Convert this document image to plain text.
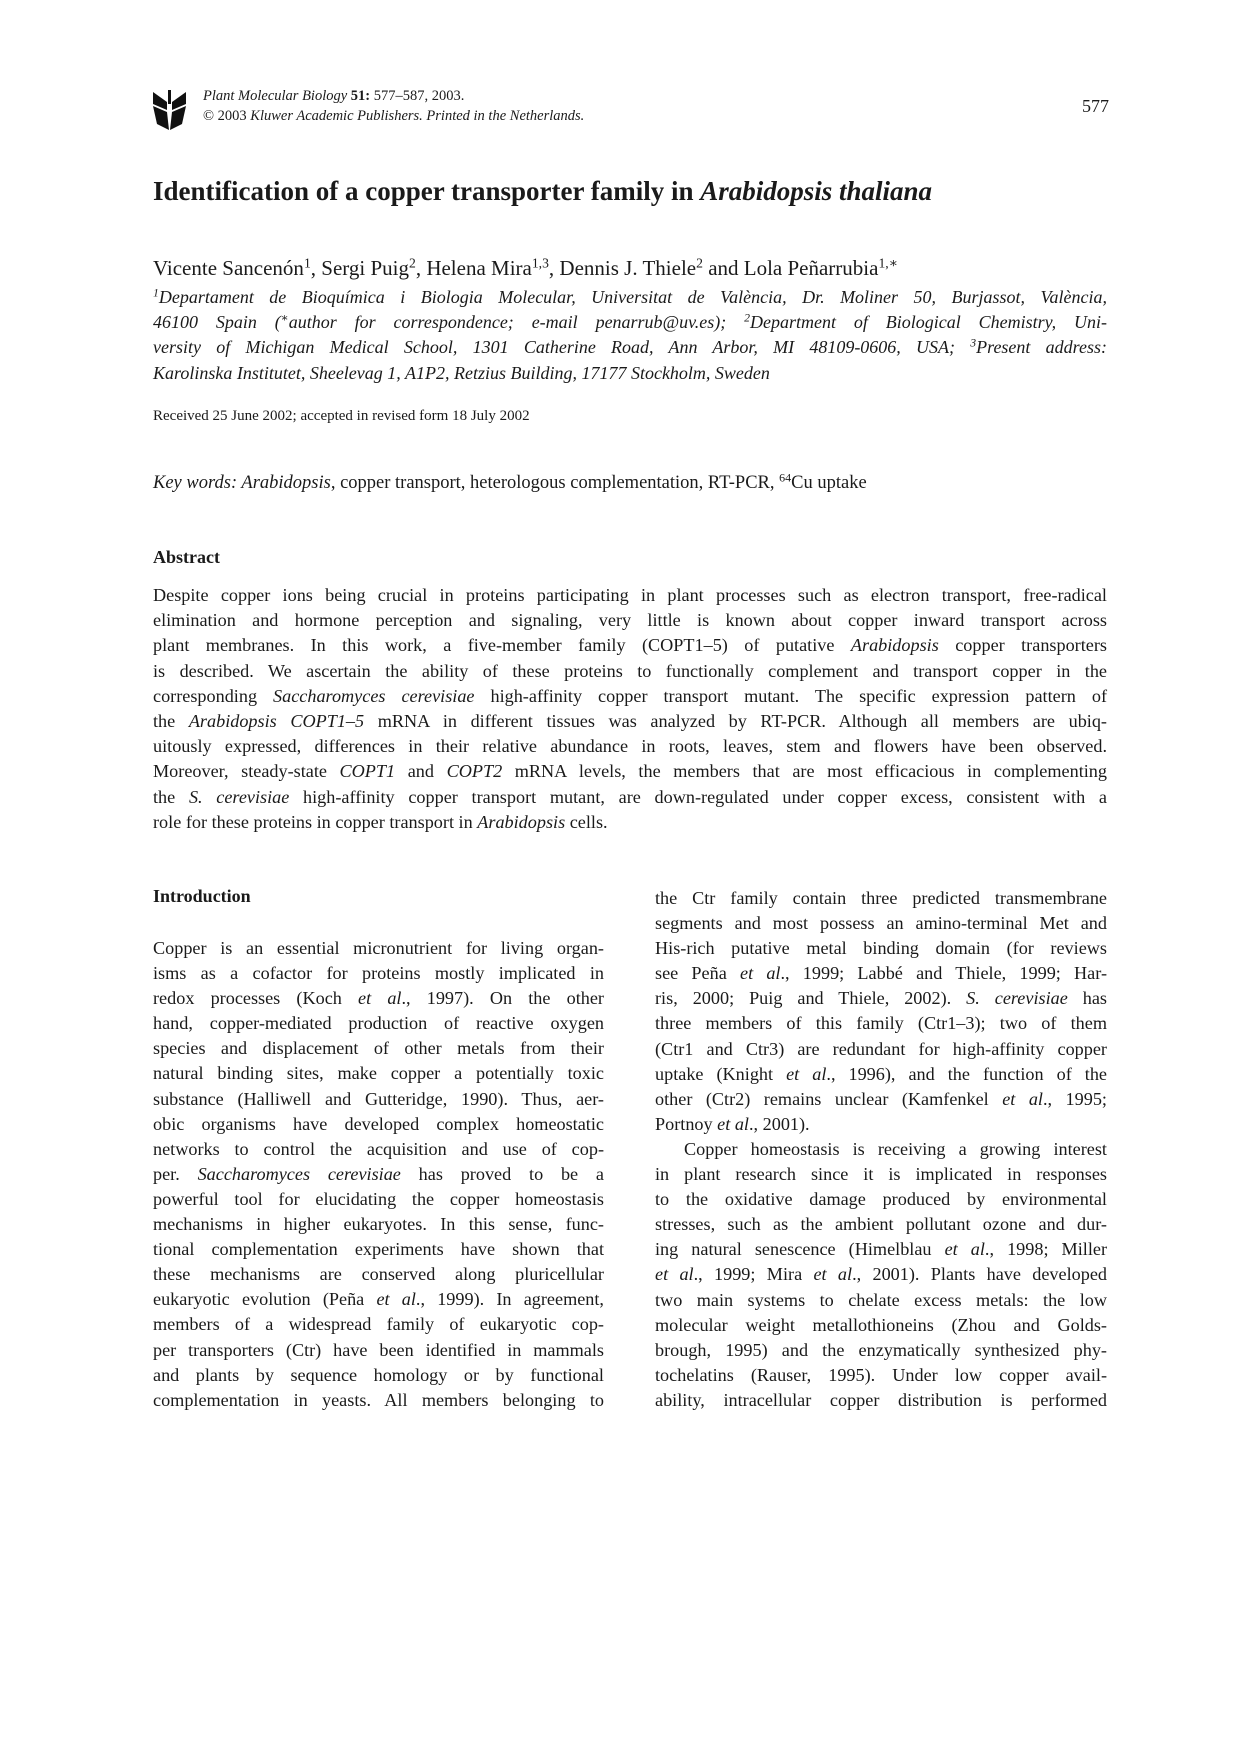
Plant Molecular Biology 51: 577–587, 2003.
© 2003 Kluwer Academic Publishers. Printed in the Netherlands.	577
Identification of a copper transporter family in Arabidopsis thaliana
Vicente Sancenón$^1$, Sergi Puig$^2$, Helena Mira$^{1,3}$, Dennis J. Thiele$^2$ and Lola Peñarrubia$^{1,∗}$
$^1$Departament de Bioquímica i Biologia Molecular, Universitat de València, Dr. Moliner 50, Burjassot, València,
46100 Spain (∗author for correspondence; e-mail penarrub@uv.es); $^2$Department of Biological Chemistry, Uni-
versity of Michigan Medical School, 1301 Catherine Road, Ann Arbor, MI 48109-0606, USA; $^3$Present address:
Karolinska Institutet, Sheelevag 1, A1P2, Retzius Building, 17177 Stockholm, Sweden
Received 25 June 2002; accepted in revised form 18 July 2002
Key words: Arabidopsis, copper transport, heterologous complementation, RT-PCR, $^{64}$Cu uptake
Abstract
Despite copper ions being crucial in proteins participating in plant processes such as electron transport, free-radical
elimination and hormone perception and signaling, very little is known about copper inward transport across
plant membranes. In this work, a five-member family (COPT1–5) of putative Arabidopsis copper transporters
is described. We ascertain the ability of these proteins to functionally complement and transport copper in the
corresponding Saccharomyces cerevisiae high-affinity copper transport mutant. The specific expression pattern of
the Arabidopsis COPT1–5 mRNA in different tissues was analyzed by RT-PCR. Although all members are ubiq-
uitously expressed, differences in their relative abundance in roots, leaves, stem and flowers have been observed.
Moreover, steady-state COPT1 and COPT2 mRNA levels, the members that are most efficacious in complementing
the S. cerevisiae high-affinity copper transport mutant, are down-regulated under copper excess, consistent with a
role for these proteins in copper transport in Arabidopsis cells.
Introduction
Copper is an essential micronutrient for living organ-
isms as a cofactor for proteins mostly implicated in
redox processes (Koch et al., 1997). On the other
hand, copper-mediated production of reactive oxygen
species and displacement of other metals from their
natural binding sites, make copper a potentially toxic
substance (Halliwell and Gutteridge, 1990). Thus, aer-
obic organisms have developed complex homeostatic
networks to control the acquisition and use of cop-
per. Saccharomyces cerevisiae has proved to be a
powerful tool for elucidating the copper homeostasis
mechanisms in higher eukaryotes. In this sense, func-
tional complementation experiments have shown that
these mechanisms are conserved along pluricellular
eukaryotic evolution (Peña et al., 1999). In agreement,
members of a widespread family of eukaryotic cop-
per transporters (Ctr) have been identified in mammals
and plants by sequence homology or by functional
complementation in yeasts. All members belonging to
the Ctr family contain three predicted transmembrane
segments and most possess an amino-terminal Met and
His-rich putative metal binding domain (for reviews
see Peña et al., 1999; Labbé and Thiele, 1999; Har-
ris, 2000; Puig and Thiele, 2002). S. cerevisiae has
three members of this family (Ctr1–3); two of them
(Ctr1 and Ctr3) are redundant for high-affinity copper
uptake (Knight et al., 1996), and the function of the
other (Ctr2) remains unclear (Kamfenkel et al., 1995;
Portnoy et al., 2001).
Copper homeostasis is receiving a growing interest
in plant research since it is implicated in responses
to the oxidative damage produced by environmental
stresses, such as the ambient pollutant ozone and dur-
ing natural senescence (Himelblau et al., 1998; Miller
et al., 1999; Mira et al., 2001). Plants have developed
two main systems to chelate excess metals: the low
molecular weight metallothioneins (Zhou and Golds-
brough, 1995) and the enzymatically synthesized phy-
tochelatins (Rauser, 1995). Under low copper avail-
ability, intracellular copper distribution is performed
